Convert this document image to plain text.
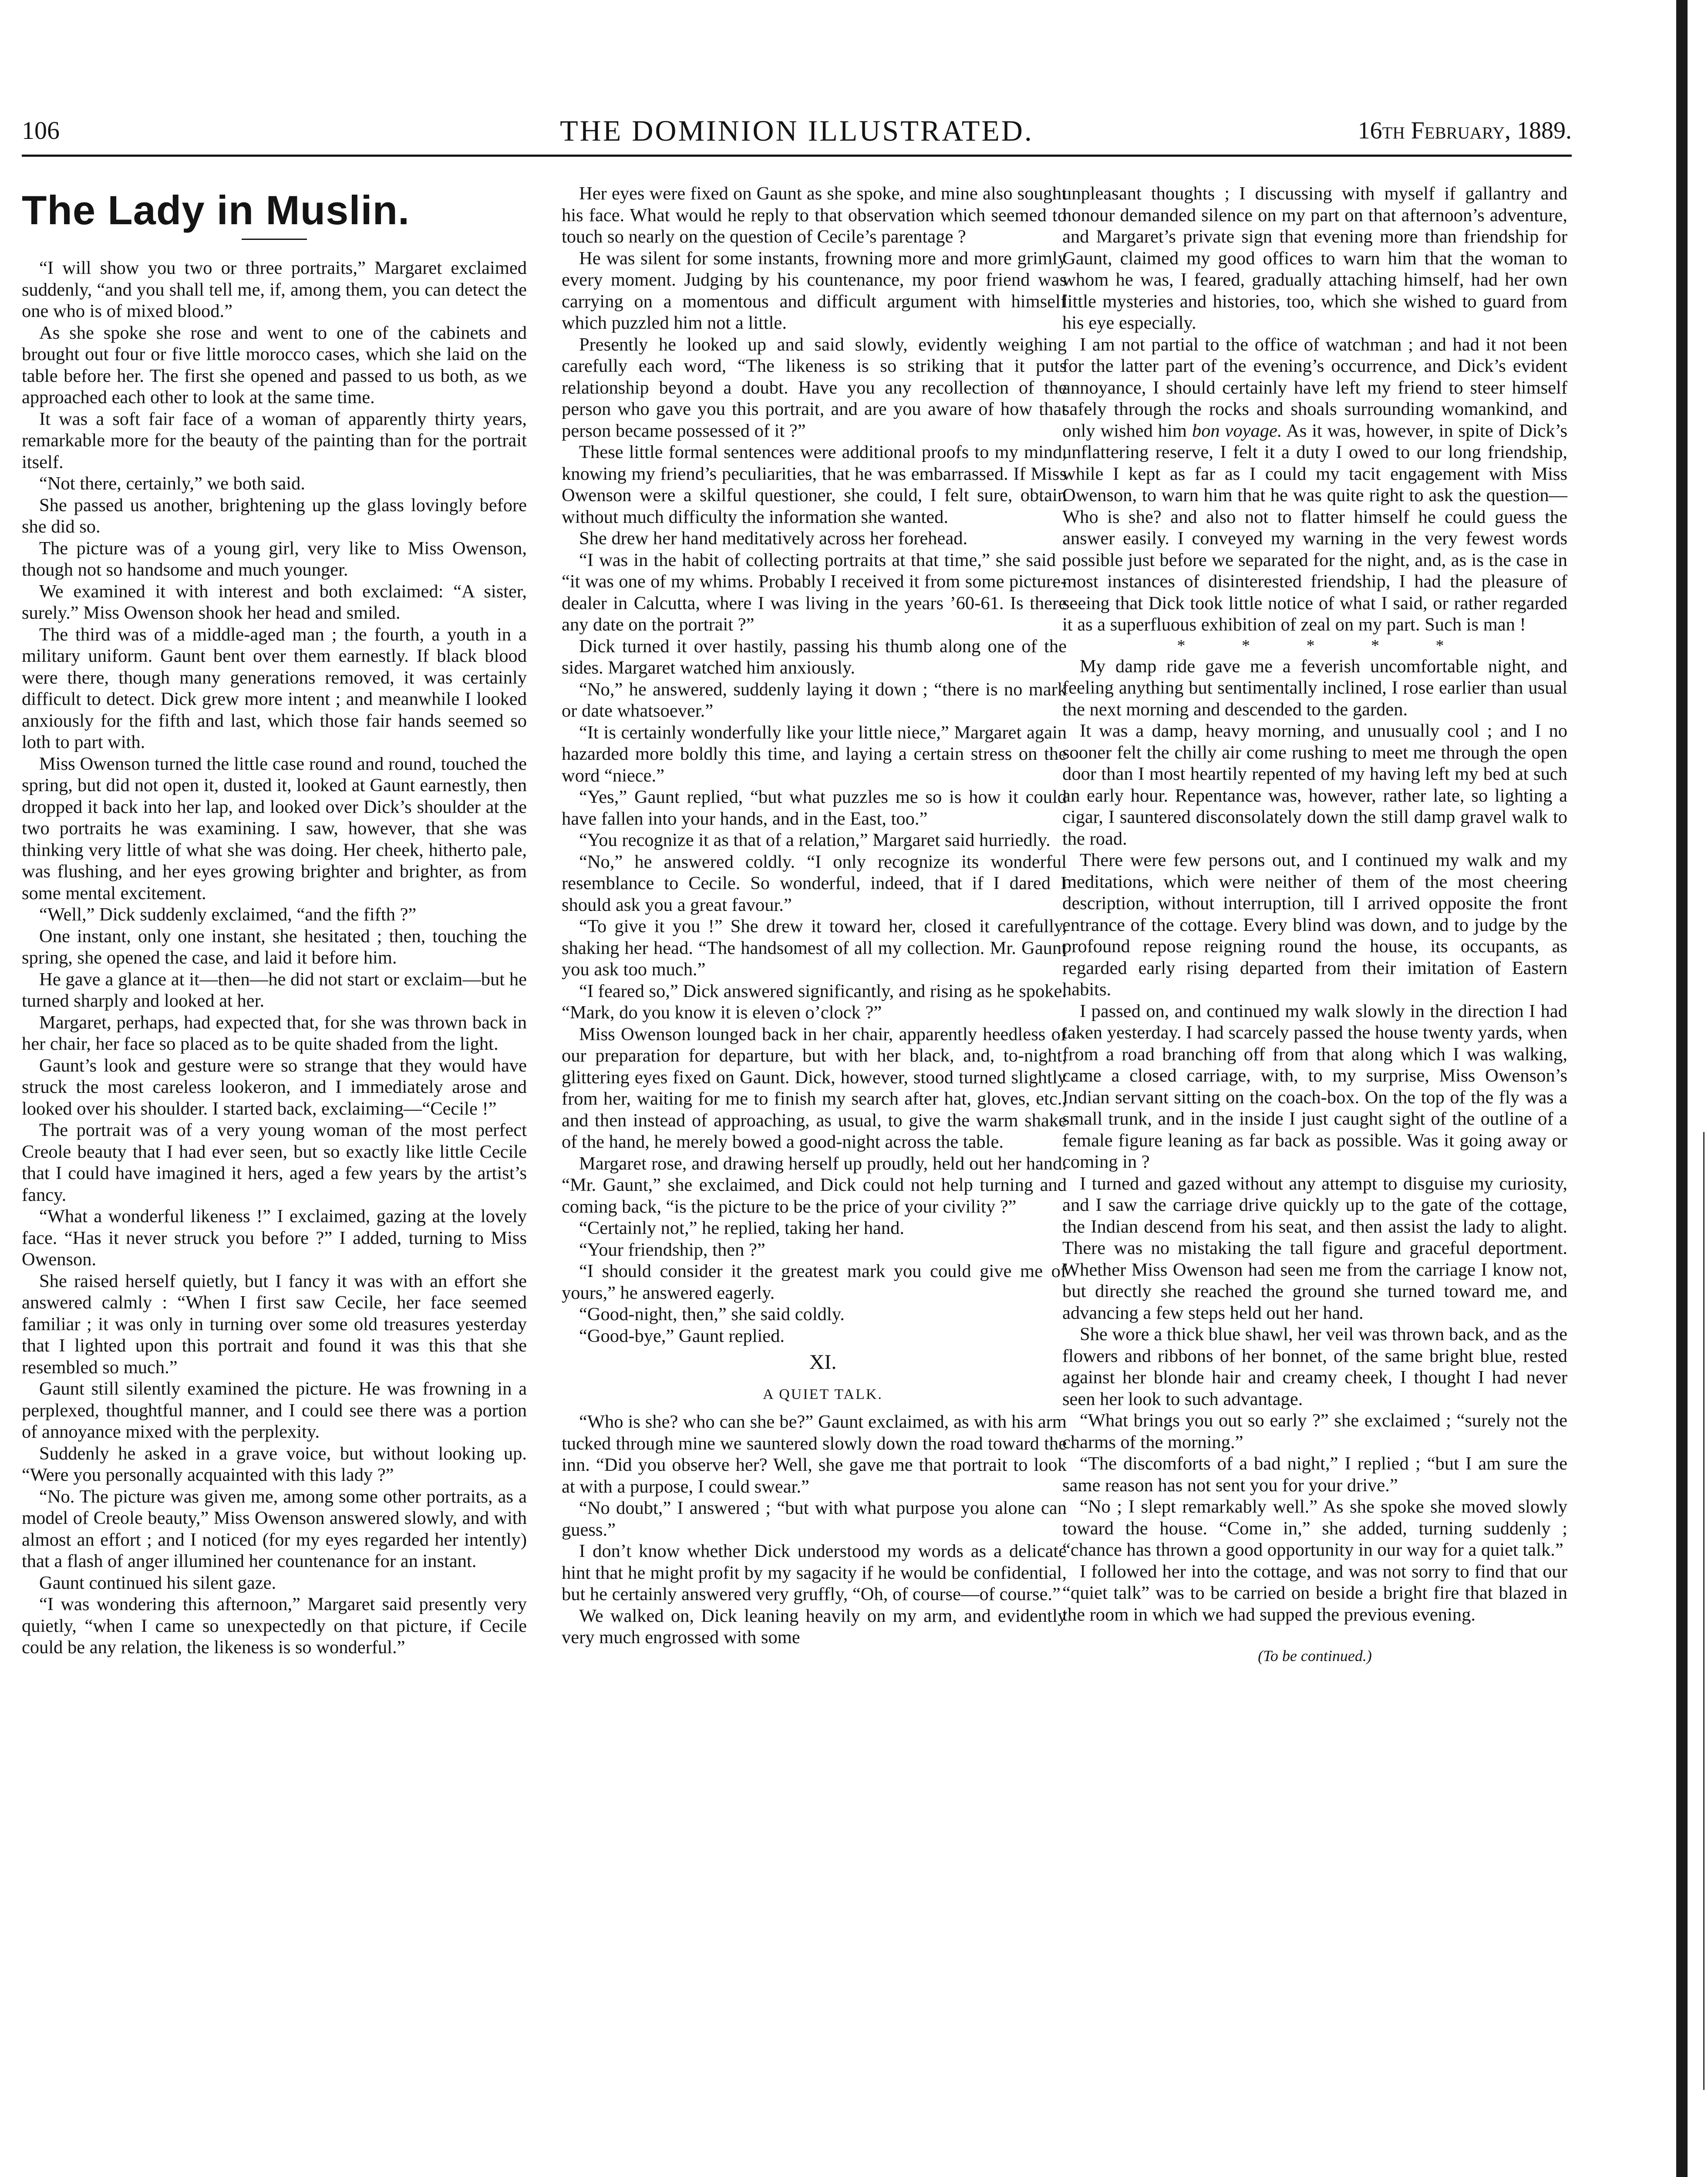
106	THE DOMINION ILLUSTRATED.	16th February, 1889.
The Lady in Muslin.

“I will show you two or three portraits,” Margaret exclaimed suddenly, “and you shall tell me, if, among them, you can detect the one who is of mixed blood.”

As she spoke she rose and went to one of the cabinets and brought out four or five little morocco cases, which she laid on the table before her. The first she opened and passed to us both, as we approached each other to look at the same time.

It was a soft fair face of a woman of apparently thirty years, remarkable more for the beauty of the painting than for the portrait itself.

“Not there, certainly,” we both said.

She passed us another, brightening up the glass lovingly before she did so.

The picture was of a young girl, very like to Miss Owenson, though not so handsome and much younger.

We examined it with interest and both exclaimed: “A sister, surely.” Miss Owenson shook her head and smiled.

The third was of a middle-aged man ; the fourth, a youth in a military uniform. Gaunt bent over them earnestly. If black blood were there, though many generations removed, it was certainly difficult to detect. Dick grew more intent ; and meanwhile I looked anxiously for the fifth and last, which those fair hands seemed so loth to part with.

Miss Owenson turned the little case round and round, touched the spring, but did not open it, dusted it, looked at Gaunt earnestly, then dropped it back into her lap, and looked over Dick’s shoulder at the two portraits he was examining. I saw, however, that she was thinking very little of what she was doing. Her cheek, hitherto pale, was flushing, and her eyes growing brighter and brighter, as from some mental excitement.

“Well,” Dick suddenly exclaimed, “and the fifth ?”

One instant, only one instant, she hesitated ; then, touching the spring, she opened the case, and laid it before him.

He gave a glance at it—then—he did not start or exclaim—but he turned sharply and looked at her.

Margaret, perhaps, had expected that, for she was thrown back in her chair, her face so placed as to be quite shaded from the light.

Gaunt’s look and gesture were so strange that they would have struck the most careless lookeron, and I immediately arose and looked over his shoulder. I started back, exclaiming—“Cecile !”

The portrait was of a very young woman of the most perfect Creole beauty that I had ever seen, but so exactly like little Cecile that I could have imagined it hers, aged a few years by the artist’s fancy.

“What a wonderful likeness !” I exclaimed, gazing at the lovely face. “Has it never struck you before ?” I added, turning to Miss Owenson.

She raised herself quietly, but I fancy it was with an effort she answered calmly : “When I first saw Cecile, her face seemed familiar ; it was only in turning over some old treasures yesterday that I lighted upon this portrait and found it was this that she resembled so much.”

Gaunt still silently examined the picture. He was frowning in a perplexed, thoughtful manner, and I could see there was a portion of annoyance mixed with the perplexity.

Suddenly he asked in a grave voice, but without looking up. “Were you personally acquainted with this lady ?”

“No. The picture was given me, among some other portraits, as a model of Creole beauty,” Miss Owenson answered slowly, and with almost an effort ; and I noticed (for my eyes regarded her intently) that a flash of anger illumined her countenance for an instant.

Gaunt continued his silent gaze.

“I was wondering this afternoon,” Margaret said presently very quietly, “when I came so unexpectedly on that picture, if Cecile could be any relation, the likeness is so wonderful.”

Her eyes were fixed on Gaunt as she spoke, and mine also sought his face. What would he reply to that observation which seemed to touch so nearly on the question of Cecile’s parentage ?

He was silent for some instants, frowning more and more grimly every moment. Judging by his countenance, my poor friend was carrying on a momentous and difficult argument with himself which puzzled him not a little.

Presently he looked up and said slowly, evidently weighing carefully each word, “The likeness is so striking that it puts relationship beyond a doubt. Have you any recollection of the person who gave you this portrait, and are you aware of how that person became possessed of it ?”

These little formal sentences were additional proofs to my mind, knowing my friend’s peculiarities, that he was embarrassed. If Miss Owenson were a skilful questioner, she could, I felt sure, obtain without much difficulty the information she wanted.

She drew her hand meditatively across her forehead.

“I was in the habit of collecting portraits at that time,” she said ; “it was one of my whims. Probably I received it from some picture-dealer in Calcutta, where I was living in the years ’60-61. Is there any date on the portrait ?”

Dick turned it over hastily, passing his thumb along one of the sides. Margaret watched him anxiously.

“No,” he answered, suddenly laying it down ; “there is no mark or date whatsoever.”

“It is certainly wonderfully like your little niece,” Margaret again hazarded more boldly this time, and laying a certain stress on the word “niece.”

“Yes,” Gaunt replied, “but what puzzles me so is how it could have fallen into your hands, and in the East, too.”

“You recognize it as that of a relation,” Margaret said hurriedly.

“No,” he answered coldly. “I only recognize its wonderful resemblance to Cecile. So wonderful, indeed, that if I dared I should ask you a great favour.”

“To give it you !” She drew it toward her, closed it carefully, shaking her head. “The handsomest of all my collection. Mr. Gaunt you ask too much.”

“I feared so,” Dick answered significantly, and rising as he spoke. “Mark, do you know it is eleven o’clock ?”

Miss Owenson lounged back in her chair, apparently heedless of our preparation for departure, but with her black, and, to-night, glittering eyes fixed on Gaunt. Dick, however, stood turned slightly from her, waiting for me to finish my search after hat, gloves, etc., and then instead of approaching, as usual, to give the warm shake of the hand, he merely bowed a good-night across the table.

Margaret rose, and drawing herself up proudly, held out her hand. “Mr. Gaunt,” she exclaimed, and Dick could not help turning and coming back, “is the picture to be the price of your civility ?”

“Certainly not,” he replied, taking her hand.

“Your friendship, then ?”

“I should consider it the greatest mark you could give me of yours,” he answered eagerly.

“Good-night, then,” she said coldly.

“Good-bye,” Gaunt replied.

XI.

A QUIET TALK.

“Who is she? who can she be?” Gaunt exclaimed, as with his arm tucked through mine we sauntered slowly down the road toward the inn. “Did you observe her? Well, she gave me that portrait to look at with a purpose, I could swear.”

“No doubt,” I answered ; “but with what purpose you alone can guess.”

I don’t know whether Dick understood my words as a delicate hint that he might profit by my sagacity if he would be confidential, but he certainly answered very gruffly, “Oh, of course—of course.”

We walked on, Dick leaning heavily on my arm, and evidently very much engrossed with some

unpleasant thoughts ; I discussing with myself if gallantry and honour demanded silence on my part on that afternoon’s adventure, and Margaret’s private sign that evening more than friendship for Gaunt, claimed my good offices to warn him that the woman to whom he was, I feared, gradually attaching himself, had her own little mysteries and histories, too, which she wished to guard from his eye especially.

I am not partial to the office of watchman ; and had it not been for the latter part of the evening’s occurrence, and Dick’s evident annoyance, I should certainly have left my friend to steer himself safely through the rocks and shoals surrounding womankind, and only wished him bon voyage. As it was, however, in spite of Dick’s unflattering reserve, I felt it a duty I owed to our long friendship, while I kept as far as I could my tacit engagement with Miss Owenson, to warn him that he was quite right to ask the question—Who is she? and also not to flatter himself he could guess the answer easily. I conveyed my warning in the very fewest words possible just before we separated for the night, and, as is the case in most instances of disinterested friendship, I had the pleasure of seeing that Dick took little notice of what I said, or rather regarded it as a superfluous exhibition of zeal on my part. Such is man !

* * * * *

My damp ride gave me a feverish uncomfortable night, and feeling anything but sentimentally inclined, I rose earlier than usual the next morning and descended to the garden.

It was a damp, heavy morning, and unusually cool ; and I no sooner felt the chilly air come rushing to meet me through the open door than I most heartily repented of my having left my bed at such an early hour. Repentance was, however, rather late, so lighting a cigar, I sauntered disconsolately down the still damp gravel walk to the road.

There were few persons out, and I continued my walk and my meditations, which were neither of them of the most cheering description, without interruption, till I arrived opposite the front entrance of the cottage. Every blind was down, and to judge by the profound repose reigning round the house, its occupants, as regarded early rising departed from their imitation of Eastern habits.

I passed on, and continued my walk slowly in the direction I had taken yesterday. I had scarcely passed the house twenty yards, when from a road branching off from that along which I was walking, came a closed carriage, with, to my surprise, Miss Owenson’s Indian servant sitting on the coach-box. On the top of the fly was a small trunk, and in the inside I just caught sight of the outline of a female figure leaning as far back as possible. Was it going away or coming in ?

I turned and gazed without any attempt to disguise my curiosity, and I saw the carriage drive quickly up to the gate of the cottage, the Indian descend from his seat, and then assist the lady to alight. There was no mistaking the tall figure and graceful deportment. Whether Miss Owenson had seen me from the carriage I know not, but directly she reached the ground she turned toward me, and advancing a few steps held out her hand.

She wore a thick blue shawl, her veil was thrown back, and as the flowers and ribbons of her bonnet, of the same bright blue, rested against her blonde hair and creamy cheek, I thought I had never seen her look to such advantage.

“What brings you out so early ?” she exclaimed ; “surely not the charms of the morning.”

“The discomforts of a bad night,” I replied ; “but I am sure the same reason has not sent you for your drive.”

“No ; I slept remarkably well.” As she spoke she moved slowly toward the house. “Come in,” she added, turning suddenly ; “chance has thrown a good opportunity in our way for a quiet talk.”

I followed her into the cottage, and was not sorry to find that our “quiet talk” was to be carried on beside a bright fire that blazed in the room in which we had supped the previous evening.

(To be continued.)
